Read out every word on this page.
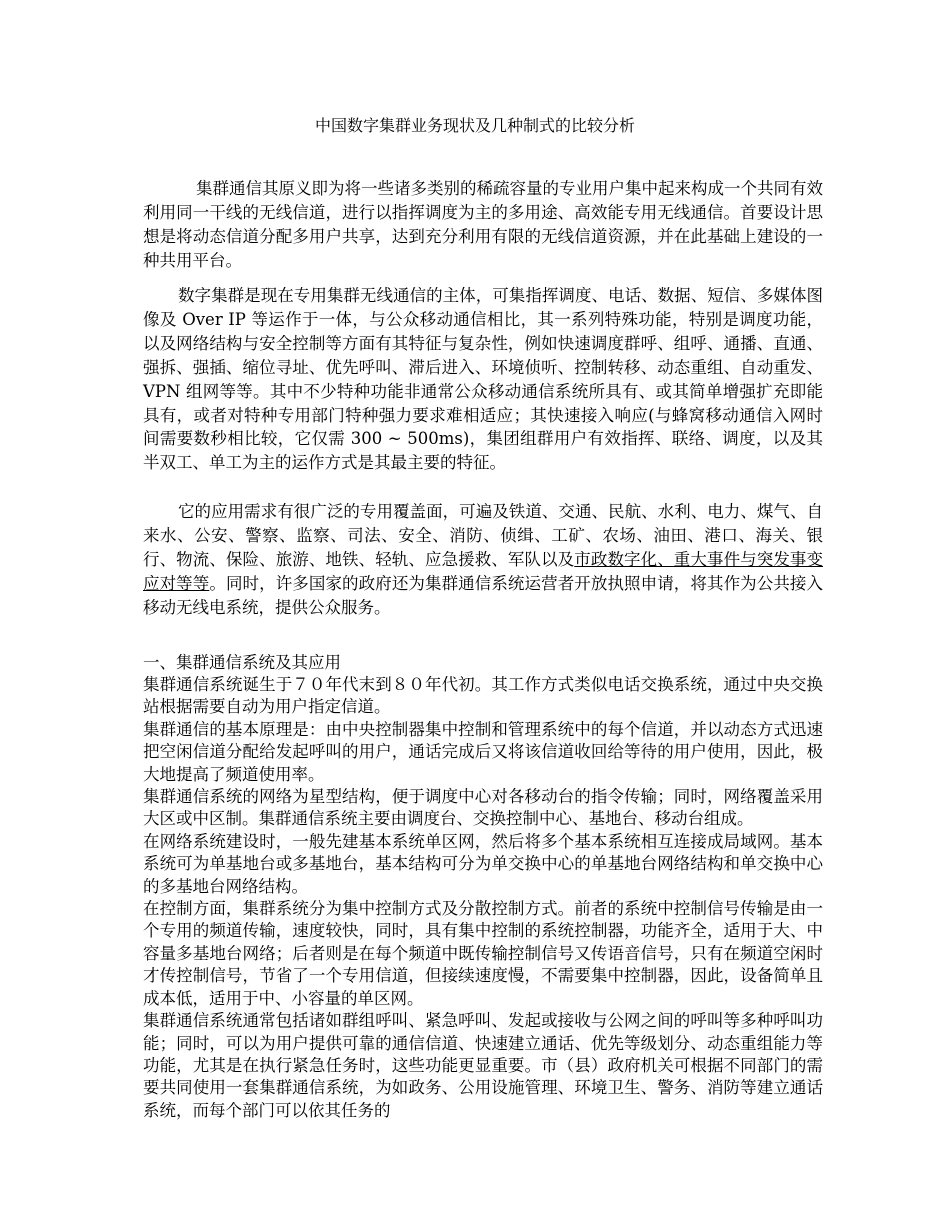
中国数字集群业务现状及几种制式的比较分析

集群通信其原义即为将一些诸多类别的稀疏容量的专业用户集中起来构成一个共同有效利用同一干线的无线信道，进行以指挥调度为主的多用途、高效能专用无线通信。首要设计思想是将动态信道分配多用户共享，达到充分利用有限的无线信道资源，并在此基础上建设的一种共用平台。

数字集群是现在专用集群无线通信的主体，可集指挥调度、电话、数据、短信、多媒体图像及 Over IP 等运作于一体，与公众移动通信相比，其一系列特殊功能，特别是调度功能，以及网络结构与安全控制等方面有其特征与复杂性，例如快速调度群呼、组呼、通播、直通、强拆、强插、缩位寻址、优先呼叫、滞后进入、环境侦听、控制转移、动态重组、自动重发、VPN 组网等等。其中不少特种功能非通常公众移动通信系统所具有、或其简单增强扩充即能具有，或者对特种专用部门特种强力要求难相适应；其快速接入响应(与蜂窝移动通信入网时间需要数秒相比较，它仅需 300 ~ 500ms)，集团组群用户有效指挥、联络、调度，以及其半双工、单工为主的运作方式是其最主要的特征。

它的应用需求有很广泛的专用覆盖面，可遍及铁道、交通、民航、水利、电力、煤气、自来水、公安、警察、监察、司法、安全、消防、侦缉、工矿、农场、油田、港口、海关、银行、物流、保险、旅游、地铁、轻轨、应急援救、军队以及市政数字化、重大事件与突发事变应对等等。同时，许多国家的政府还为集群通信系统运营者开放执照申请，将其作为公共接入移动无线电系统，提供公众服务。

一、集群通信系统及其应用

集群通信系统诞生于７０年代末到８０年代初。其工作方式类似电话交换系统，通过中央交换站根据需要自动为用户指定信道。

集群通信的基本原理是：由中央控制器集中控制和管理系统中的每个信道，并以动态方式迅速把空闲信道分配给发起呼叫的用户，通话完成后又将该信道收回给等待的用户使用，因此，极大地提高了频道使用率。

集群通信系统的网络为星型结构，便于调度中心对各移动台的指令传输；同时，网络覆盖采用大区或中区制。集群通信系统主要由调度台、交换控制中心、基地台、移动台组成。

在网络系统建设时，一般先建基本系统单区网，然后将多个基本系统相互连接成局域网。基本系统可为单基地台或多基地台，基本结构可分为单交换中心的单基地台网络结构和单交换中心的多基地台网络结构。

在控制方面，集群系统分为集中控制方式及分散控制方式。前者的系统中控制信号传输是由一个专用的频道传输，速度较快，同时，具有集中控制的系统控制器，功能齐全，适用于大、中容量多基地台网络；后者则是在每个频道中既传输控制信号又传语音信号，只有在频道空闲时才传控制信号，节省了一个专用信道，但接续速度慢，不需要集中控制器，因此，设备简单且成本低，适用于中、小容量的单区网。

集群通信系统通常包括诸如群组呼叫、紧急呼叫、发起或接收与公网之间的呼叫等多种呼叫功能；同时，可以为用户提供可靠的通信信道、快速建立通话、优先等级划分、动态重组能力等功能，尤其是在执行紧急任务时，这些功能更显重要。市（县）政府机关可根据不同部门的需要共同使用一套集群通信系统，为如政务、公用设施管理、环境卫生、警务、消防等建立通话系统，而每个部门可以依其任务的
